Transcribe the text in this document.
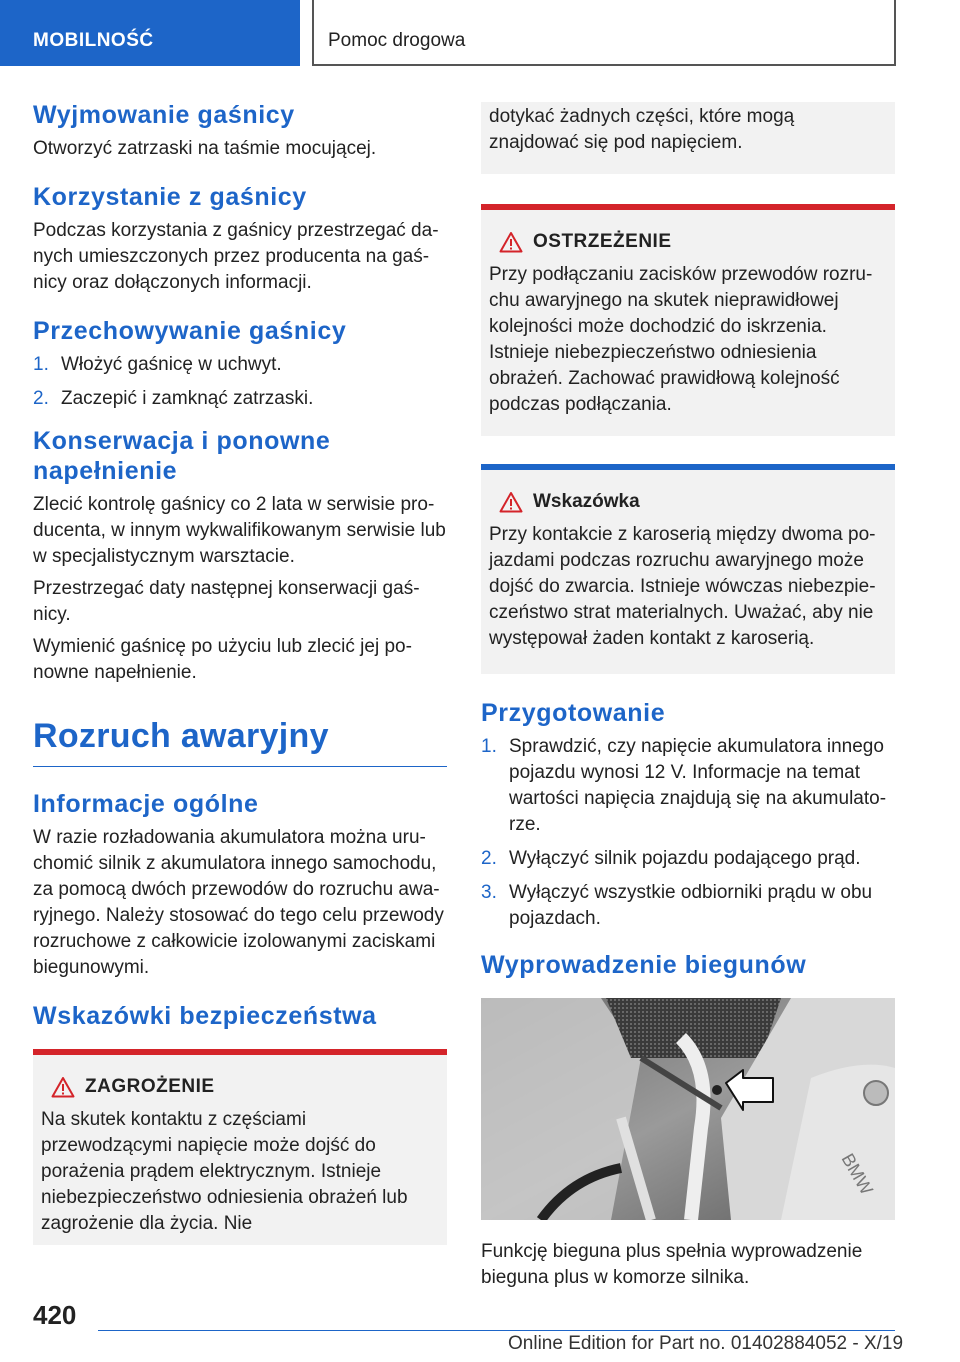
MOBILNOŚĆ	Pomoc drogowa
Wyjmowanie gaśnicy

Otworzyć zatrzaski na taśmie mocującej.

Korzystanie z gaśnicy

Podczas korzystania z gaśnicy przestrzegać danych umieszczonych przez producenta na gaśnicy oraz dołączonych informacji.

Przechowywanie gaśnicy
1. Włożyć gaśnicę w uchwyt.
2. Zaczepić i zamknąć zatrzaski.
Konserwacja i ponowne napełnienie

Zlecić kontrolę gaśnicy co 2 lata w serwisie producenta, w innym wykwalifikowanym serwisie lub w specjalistycznym warsztacie.

Przestrzegać daty następnej konserwacji gaśnicy.

Wymienić gaśnicę po użyciu lub zlecić jej ponowne napełnienie.

Rozruch awaryjny
Informacje ogólne

W razie rozładowania akumulatora można uruchomić silnik z akumulatora innego samochodu, za pomocą dwóch przewodów do rozruchu awaryjnego. Należy stosować do tego celu przewody rozruchowe z całkowicie izolowanymi zaciskami biegunowymi.

Wskazówki bezpieczeństwa
ZAGROŻENIE

Na skutek kontaktu z częściami przewodzącymi napięcie może dojść do porażenia prądem elektrycznym. Istnieje niebezpieczeństwo odniesienia obrażeń lub zagrożenie dla życia. Nie

dotykać żadnych części, które mogą znajdować się pod napięciem.

OSTRZEŻENIE

Przy podłączaniu zacisków przewodów rozruchu awaryjnego na skutek nieprawidłowej kolejności może dochodzić do iskrzenia. Istnieje niebezpieczeństwo odniesienia obrażeń. Zachować prawidłową kolejność podczas podłączania.

Wskazówka

Przy kontakcie z karoserią między dwoma pojazdami podczas rozruchu awaryjnego może dojść do zwarcia. Istnieje wówczas niebezpieczeństwo strat materialnych. Uważać, aby nie występował żaden kontakt z karoserią.

Przygotowanie
1. Sprawdzić, czy napięcie akumulatora innego pojazdu wynosi 12 V. Informacje na temat wartości napięcia znajdują się na akumulatorze.
2. Wyłączyć silnik pojazdu podającego prąd.
3. Wyłączyć wszystkie odbiorniki prądu w obu pojazdach.
Wyprowadzenie biegunów
BMW

Funkcję bieguna plus spełnia wyprowadzenie bieguna plus w komorze silnika.

420
Online Edition for Part no. 01402884052 - X/19
